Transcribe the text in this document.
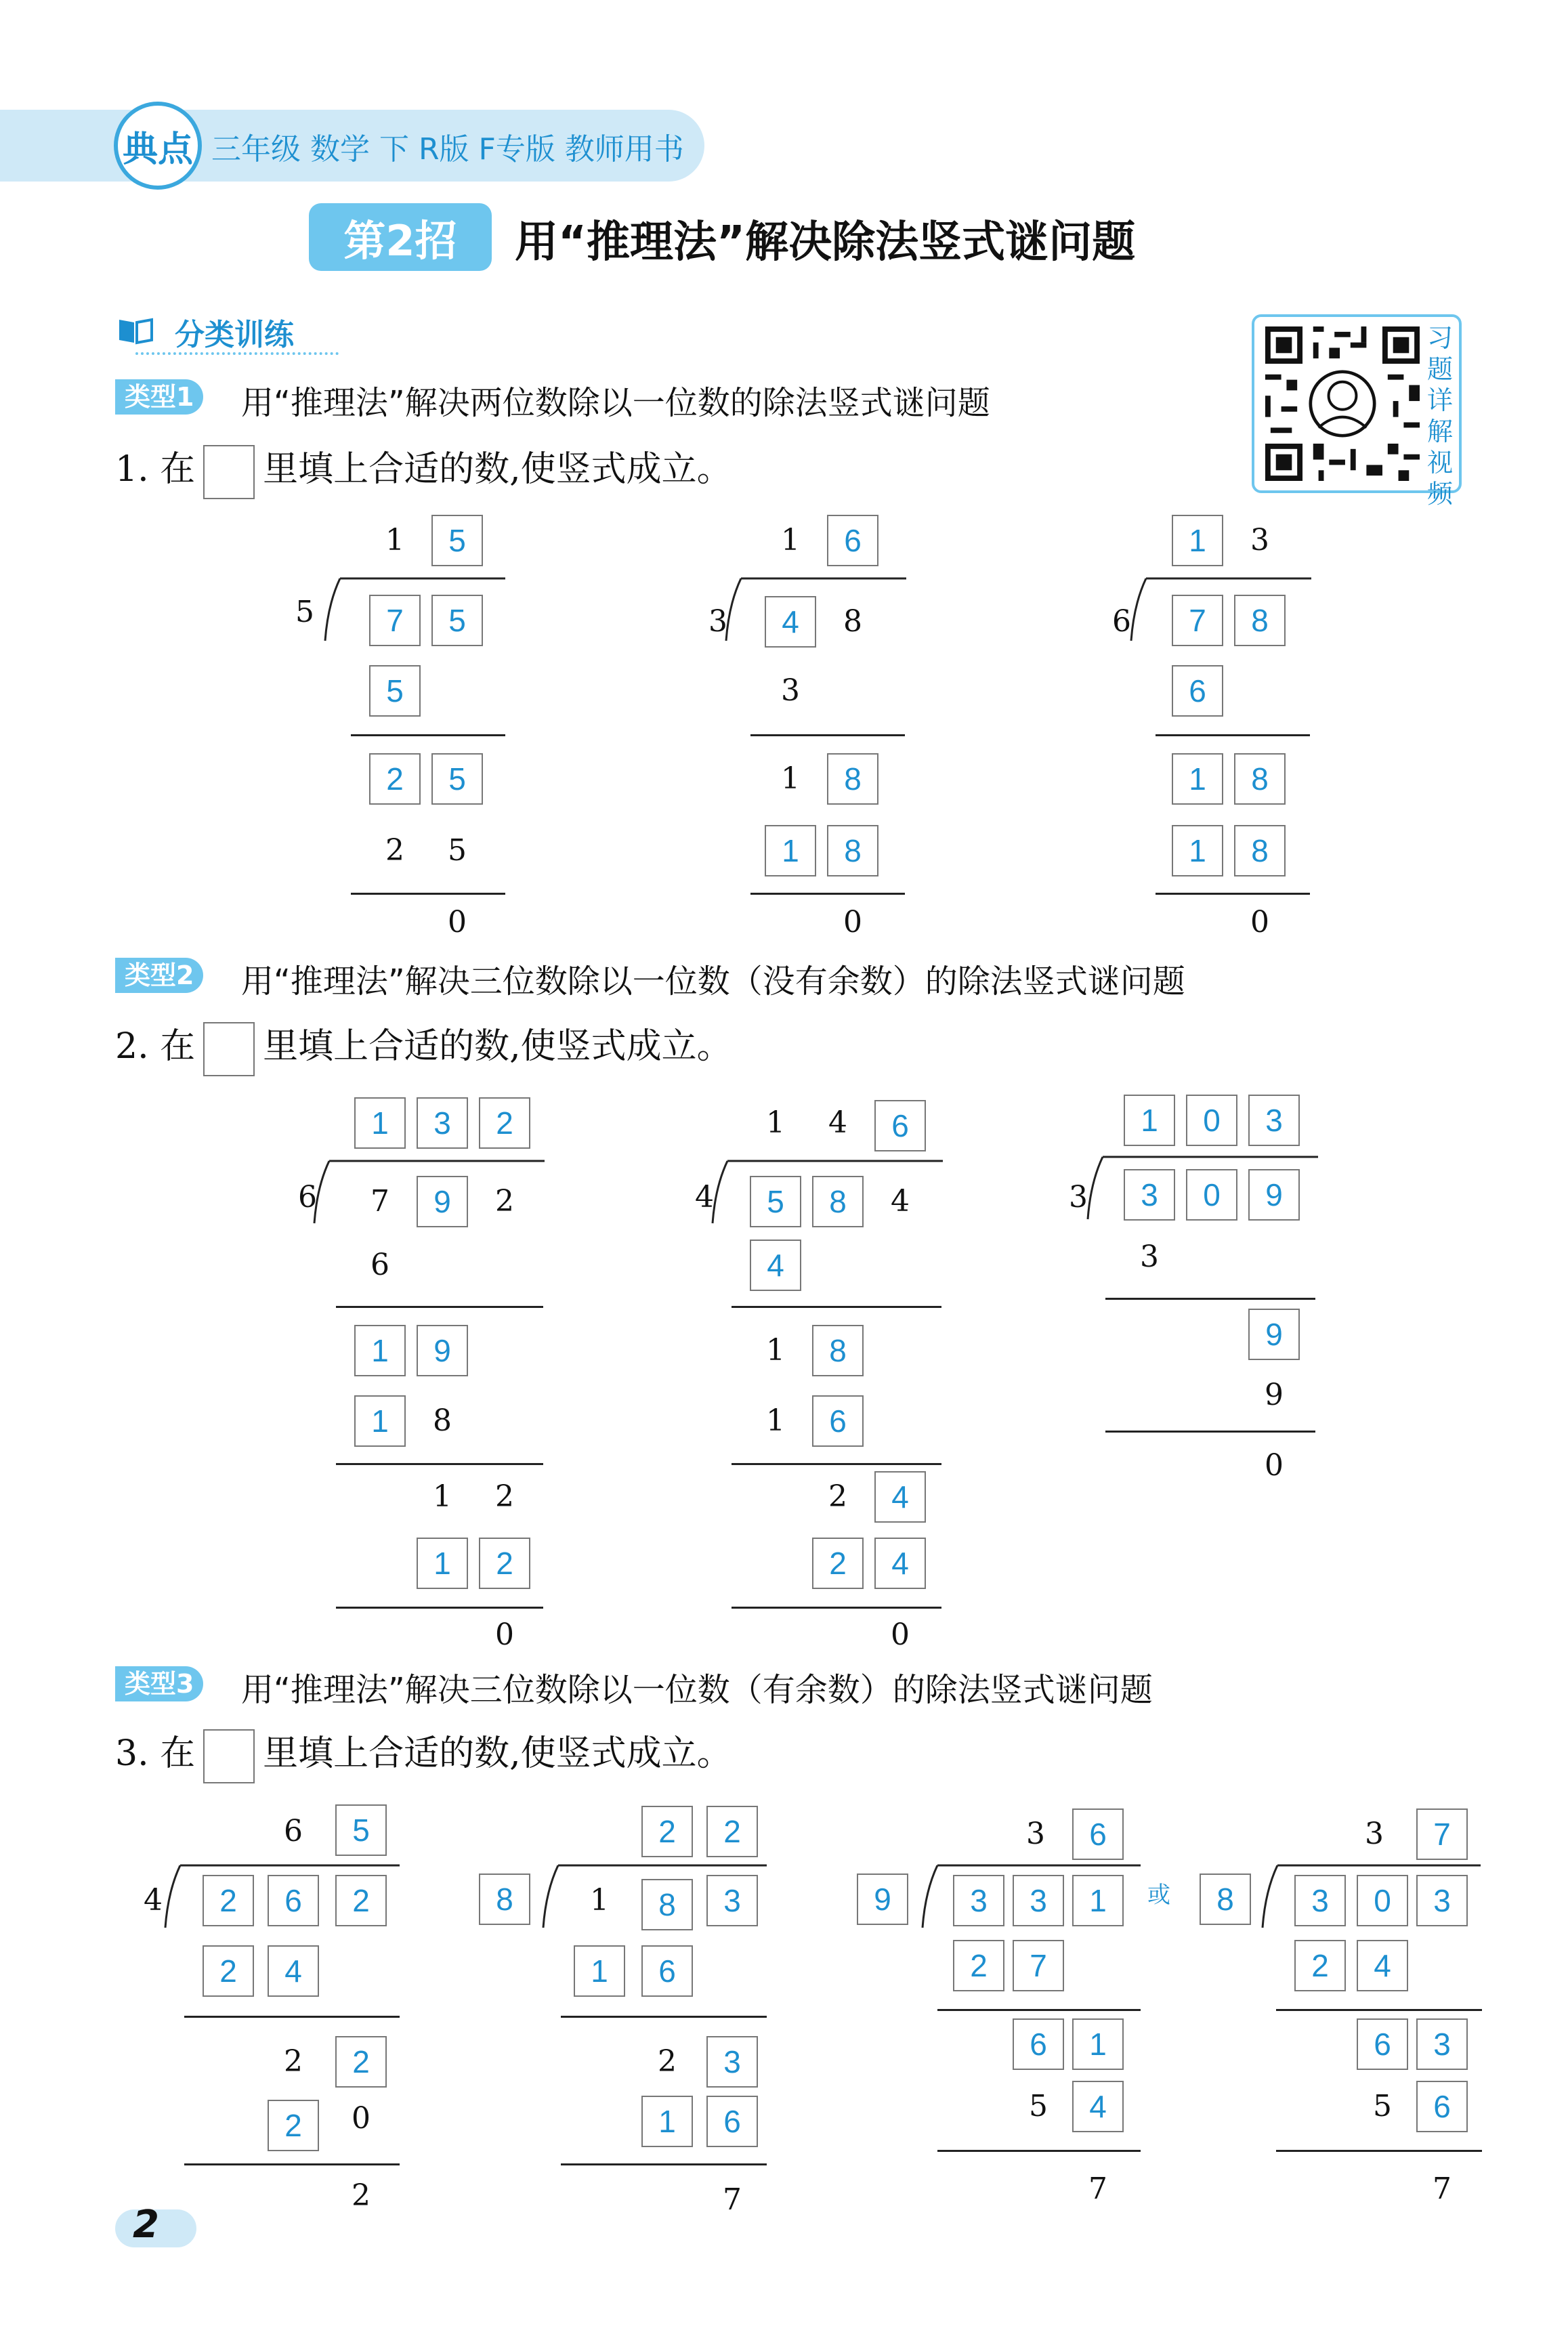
典点 三年级 数学 下 R版 F专版 教师用书
第2招 用“推理法”解决除法竖式谜问题
分类训练	习题详解视频
类型1 用“推理法”解决两位数除以一位数的除法竖式谜问题
1. 在 里填上合适的数,使竖式成立。
类型2 用“推理法”解决三位数除以一位数（没有余数）的除法竖式谜问题
2. 在 里填上合适的数,使竖式成立。
类型3 用“推理法”解决三位数除以一位数（有余数）的除法竖式谜问题
3. 在 里填上合适的数,使竖式成立。
1	5
5	7	5
5
2	5
2	5
0
1	6
3	4	8
3
1	8
1	8
0
1	3
6	7	8
6
1	8
1	8
0
1	3	2
6	7	9	2
6
1	9
1	8
1	2
1	2
0
1	4	6
4	5	8	4
4
1	8
1	6
2	4
2	4
0
1	0	3
3	3	0	9
3
9
9
0
6	5
4	2	6	2
2	4
2	2
2	0
2
2	2
8	1	8	3
1	6
2	3
1	6
7
3	6
9	3	3	1
2	7
6	1
5	4
7
或
3	7
8	3	0	3
2	4
6	3
5	6
7
2
